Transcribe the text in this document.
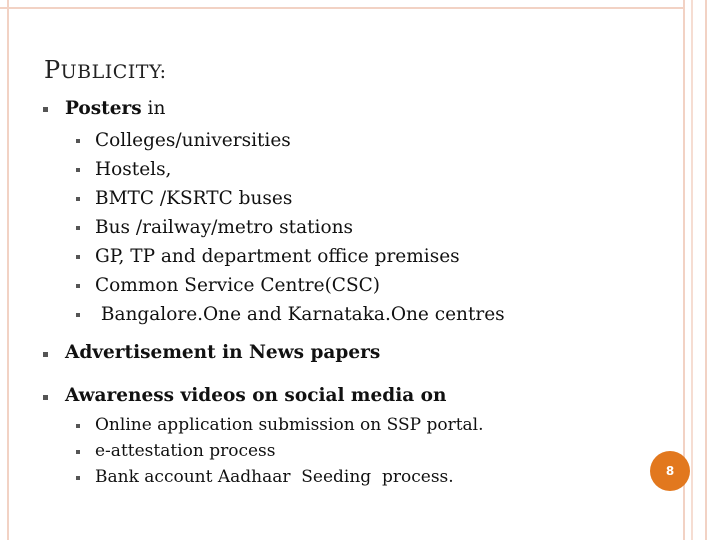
PUBLICITY:
Posters in
Colleges/universities
Hostels,
BMTC /KSRTC buses
Bus /railway/metro stations
GP, TP and department office premises
Common Service Centre(CSC)
Bangalore.One and Karnataka.One centres
Advertisement in News papers
Awareness videos on social media on
Online application submission on SSP portal.
e-attestation process
Bank account Aadhaar  Seeding  process.	8
